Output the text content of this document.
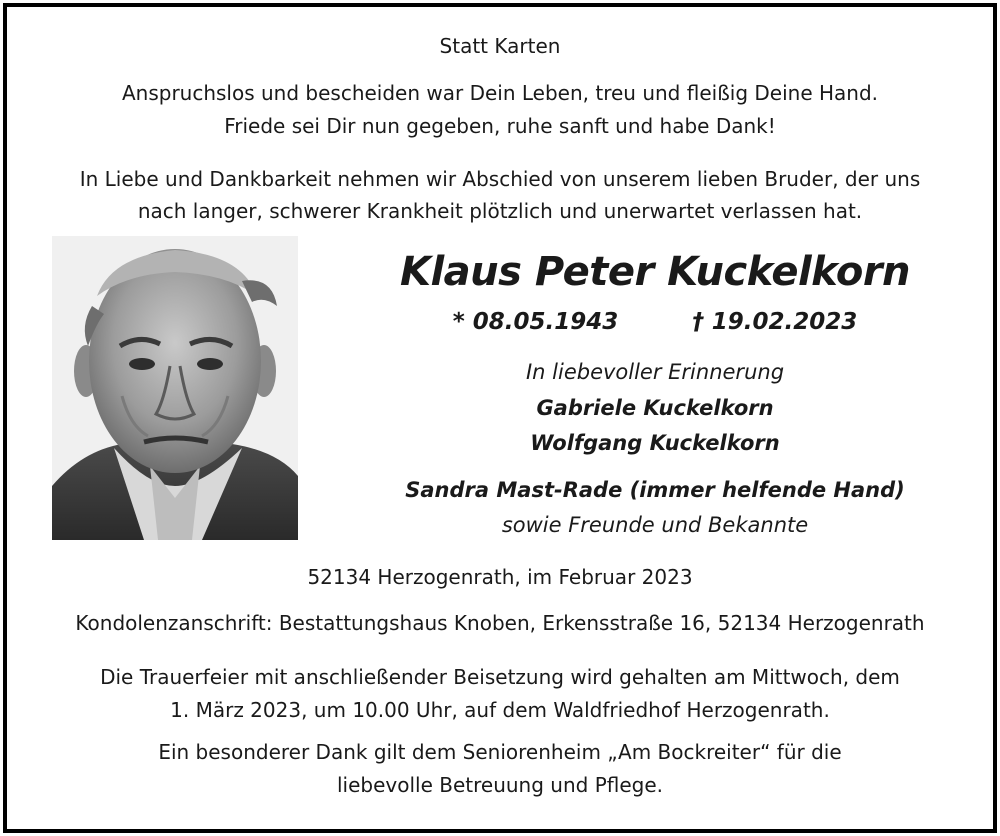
Statt Karten
Anspruchslos und bescheiden war Dein Leben, treu und fleißig Deine Hand.
Friede sei Dir nun gegeben, ruhe sanft und habe Dank!
In Liebe und Dankbarkeit nehmen wir Abschied von unserem lieben Bruder, der uns
nach langer, schwerer Krankheit plötzlich und unerwartet verlassen hat.
Klaus Peter Kuckelkorn
* 08.05.1943	† 19.02.2023
In liebevoller Erinnerung
Gabriele Kuckelkorn
Wolfgang Kuckelkorn
Sandra Mast-Rade (immer helfende Hand)
sowie Freunde und Bekannte
52134 Herzogenrath, im Februar 2023
Kondolenzanschrift: Bestattungshaus Knoben, Erkensstraße 16, 52134 Herzogenrath
Die Trauerfeier mit anschließender Beisetzung wird gehalten am Mittwoch, dem
1. März 2023, um 10.00 Uhr, auf dem Waldfriedhof Herzogenrath.
Ein besonderer Dank gilt dem Seniorenheim „Am Bockreiter“ für die
liebevolle Betreuung und Pflege.
